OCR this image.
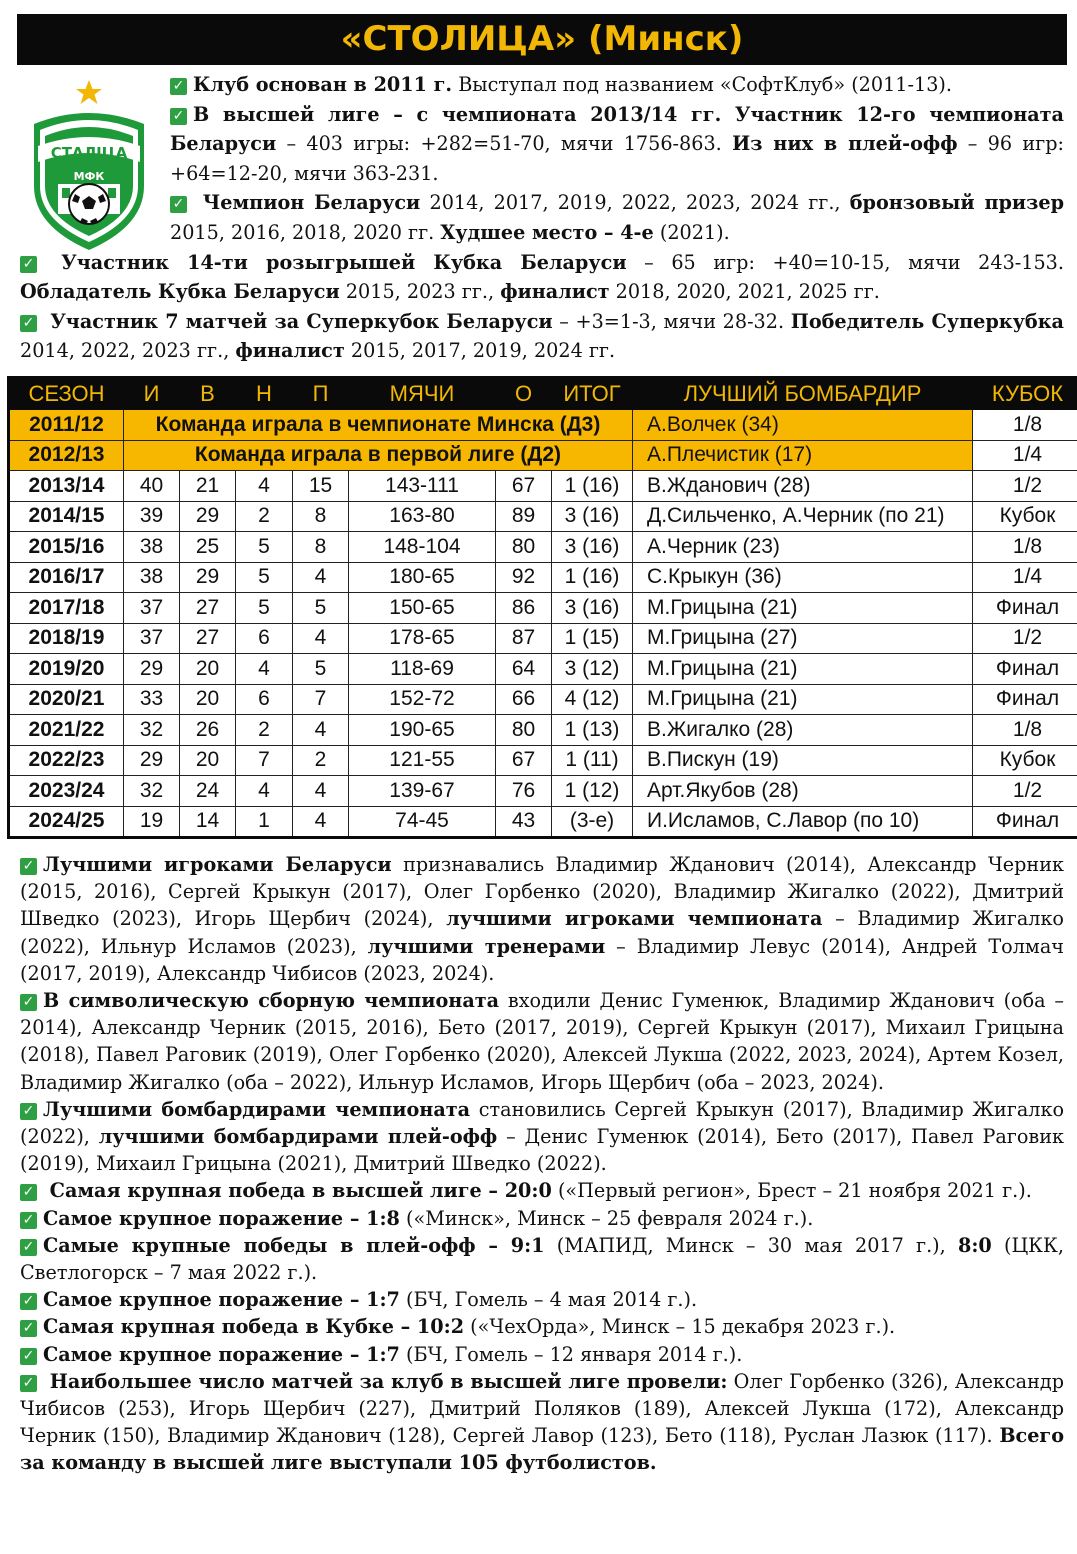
«СТОЛИЦА» (Минск)
СТАЛІЦА
МФК

✓ Клуб основан в 2011 г. Выступал под названием «СофтКлуб» (2011-13).

✓ В высшей лиге – с чемпионата 2013/14 гг. Участник 12-го чемпионата Беларуси – 403 игры: +282=51-70, мячи 1756-863. Из них в плей-офф – 96 игр: +64=12-20, мячи 363-231.

✓ Чемпион Беларуси 2014, 2017, 2019, 2022, 2023, 2024 гг., бронзовый призер 2015, 2016, 2018, 2020 гг. Худшее место – 4-е (2021).

✓ Участник 14-ти розыгрышей Кубка Беларуси – 65 игр: +40=10-15, мячи 243-153. Обладатель Кубка Беларуси 2015, 2023 гг., финалист 2018, 2020, 2021, 2025 гг.

✓ Участник 7 матчей за Суперкубок Беларуси – +3=1-3, мячи 28-32. Победитель Суперкубка 2014, 2022, 2023 гг., финалист 2015, 2017, 2019, 2024 гг.

СЕЗОН	И	В	Н	П	МЯЧИ	О	ИТОГ	ЛУЧШИЙ БОМБАРДИР	КУБОК
2011/12	Команда играла в чемпионате Минска (Д3)							А.Волчек (34)	1/8
2012/13	Команда играла в первой лиге (Д2)							А.Плечистик (17)	1/4
2013/14	40	21	4	15	143-111	67	1 (16)	В.Жданович (28)	1/2
2014/15	39	29	2	8	163-80	89	3 (16)	Д.Сильченко, А.Черник (по 21)	Кубок
2015/16	38	25	5	8	148-104	80	3 (16)	А.Черник (23)	1/8
2016/17	38	29	5	4	180-65	92	1 (16)	С.Крыкун (36)	1/4
2017/18	37	27	5	5	150-65	86	3 (16)	М.Грицына (21)	Финал
2018/19	37	27	6	4	178-65	87	1 (15)	М.Грицына (27)	1/2
2019/20	29	20	4	5	118-69	64	3 (12)	М.Грицына (21)	Финал
2020/21	33	20	6	7	152-72	66	4 (12)	М.Грицына (21)	Финал
2021/22	32	26	2	4	190-65	80	1 (13)	В.Жигалко (28)	1/8
2022/23	29	20	7	2	121-55	67	1 (11)	В.Пискун (19)	Кубок
2023/24	32	24	4	4	139-67	76	1 (12)	Арт.Якубов (28)	1/2
2024/25	19	14	1	4	74-45	43	(3-е)	И.Исламов, С.Лавор (по 10)	Финал

✓ Лучшими игроками Беларуси признавались Владимир Жданович (2014), Александр Черник (2015, 2016), Сергей Крыкун (2017), Олег Горбенко (2020), Владимир Жигалко (2022), Дмитрий Шведко (2023), Игорь Щербич (2024), лучшими игроками чемпионата – Владимир Жигалко (2022), Ильнур Исламов (2023), лучшими тренерами – Владимир Левус (2014), Андрей Толмач (2017, 2019), Александр Чибисов (2023, 2024).

✓ В символическую сборную чемпионата входили Денис Гуменюк, Владимир Жданович (оба – 2014), Александр Черник (2015, 2016), Бето (2017, 2019), Сергей Крыкун (2017), Михаил Грицына (2018), Павел Раговик (2019), Олег Горбенко (2020), Алексей Лукша (2022, 2023, 2024), Артем Козел, Владимир Жигалко (оба – 2022), Ильнур Исламов, Игорь Щербич (оба – 2023, 2024).

✓ Лучшими бомбардирами чемпионата становились Сергей Крыкун (2017), Владимир Жигалко (2022), лучшими бомбардирами плей-офф – Денис Гуменюк (2014), Бето (2017), Павел Раговик (2019), Михаил Грицына (2021), Дмитрий Шведко (2022).

✓ Самая крупная победа в высшей лиге – 20:0 («Первый регион», Брест – 21 ноября 2021 г.).

✓ Самое крупное поражение – 1:8 («Минск», Минск – 25 февраля 2024 г.).

✓ Самые крупные победы в плей-офф – 9:1 (МАПИД, Минск – 30 мая 2017 г.), 8:0 (ЦКК, Светлогорск – 7 мая 2022 г.).

✓ Самое крупное поражение – 1:7 (БЧ, Гомель – 4 мая 2014 г.).

✓ Самая крупная победа в Кубке – 10:2 («ЧехОрда», Минск – 15 декабря 2023 г.).

✓ Самое крупное поражение – 1:7 (БЧ, Гомель – 12 января 2014 г.).

✓ Наибольшее число матчей за клуб в высшей лиге провели: Олег Горбенко (326), Александр Чибисов (253), Игорь Щербич (227), Дмитрий Поляков (189), Алексей Лукша (172), Александр Черник (150), Владимир Жданович (128), Сергей Лавор (123), Бето (118), Руслан Лазюк (117). Всего за команду в высшей лиге выступали 105 футболистов.
